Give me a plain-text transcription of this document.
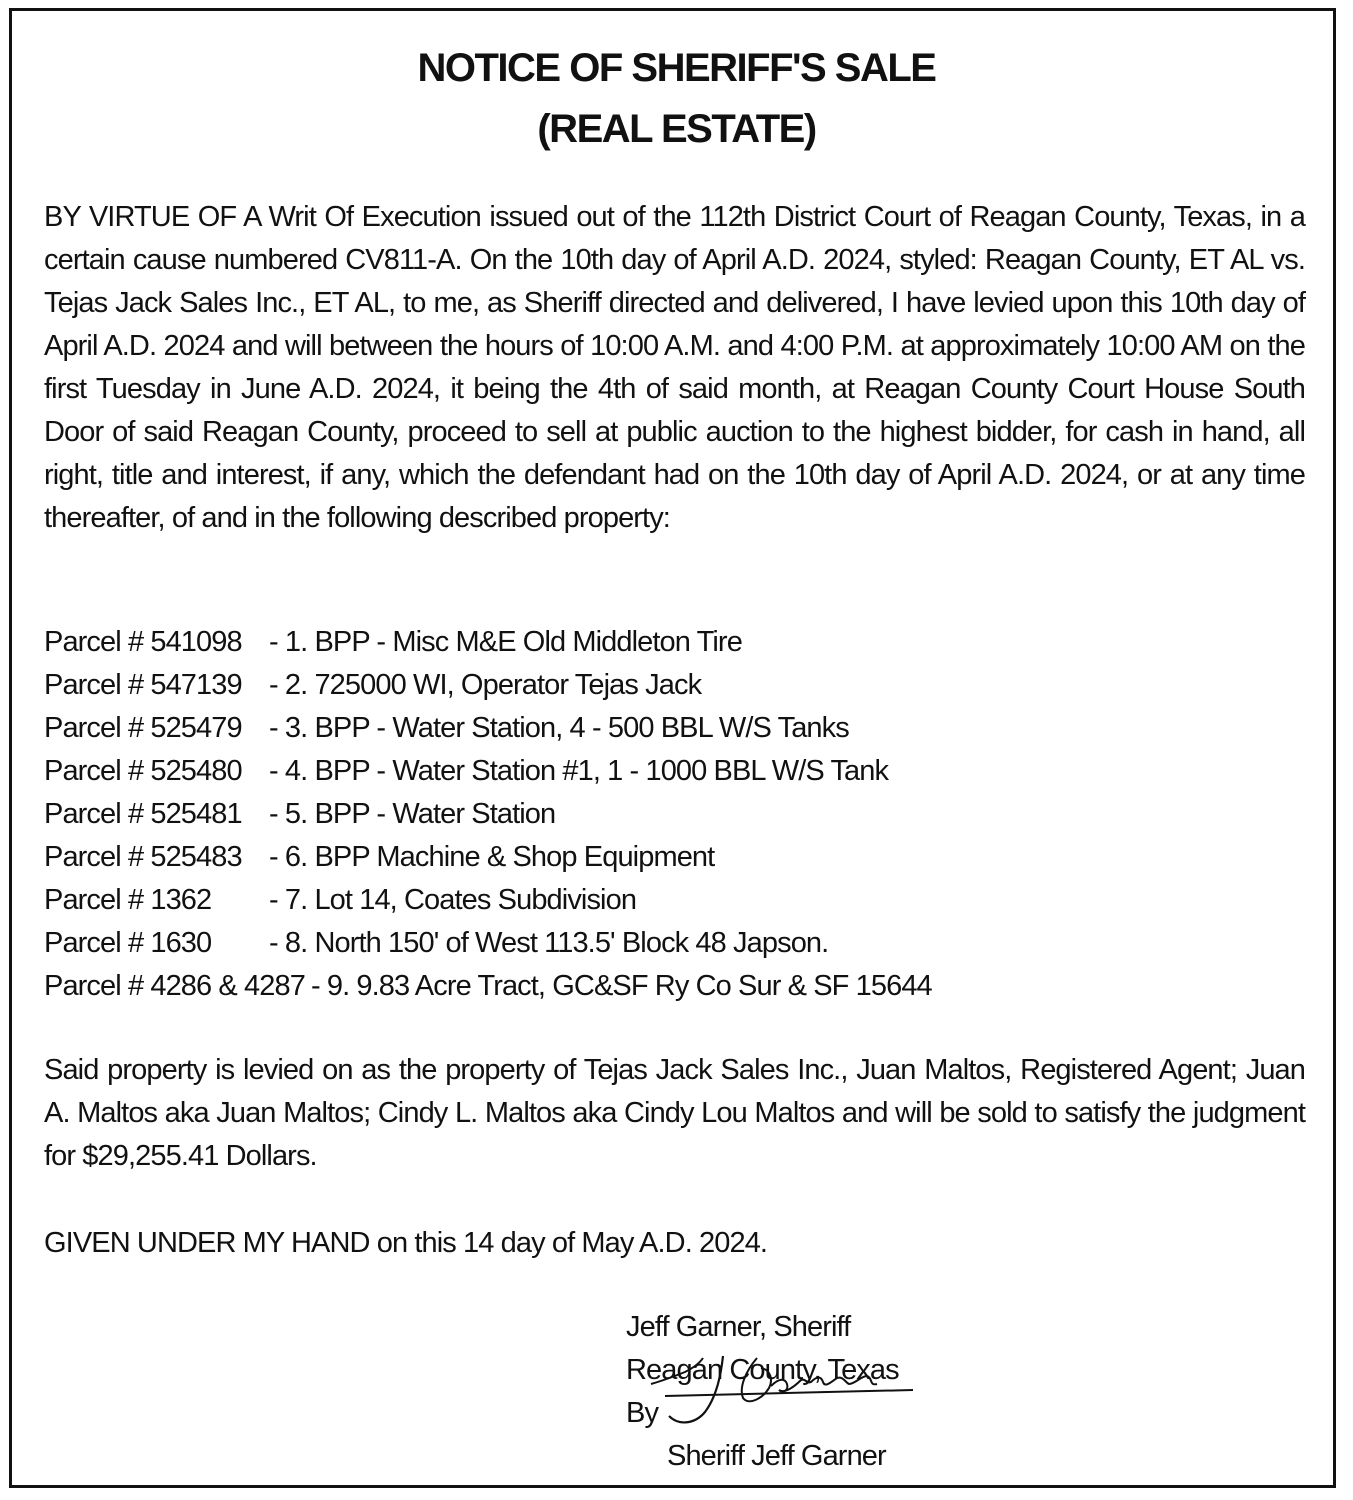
NOTICE OF SHERIFF'S SALE
(REAL ESTATE)

BY VIRTUE OF A Writ Of Execution issued out of the 112th District Court of Reagan County, Texas, in a certain cause numbered CV811-A. On the 10th day of April A.D. 2024, styled: Reagan County, ET AL vs. Tejas Jack Sales Inc., ET AL, to me, as Sheriff directed and delivered, I have levied upon this 10th day of April A.D. 2024 and will between the hours of 10:00 A.M. and 4:00 P.M. at approximately 10:00 AM on the first Tuesday in June A.D. 2024, it being the 4th of said month, at Reagan County Court House South Door of said Reagan County, proceed to sell at public auction to the highest bidder, for cash in hand, all right, title and interest, if any, which the defendant had on the 10th day of April A.D. 2024, or at any time thereafter, of and in the following described property:

Parcel # 541098 - 1. BPP - Misc M&E Old Middleton Tire
Parcel # 547139 - 2. 725000 WI, Operator Tejas Jack
Parcel # 525479 - 3. BPP - Water Station, 4 - 500 BBL W/S Tanks
Parcel # 525480 - 4. BPP - Water Station #1, 1 - 1000 BBL W/S Tank
Parcel # 525481 - 5. BPP - Water Station
Parcel # 525483 - 6. BPP Machine & Shop Equipment
Parcel # 1362	- 7. Lot 14, Coates Subdivision
Parcel # 1630	- 8. North 150' of West 113.5' Block 48 Japson.
Parcel # 4286 & 4287 - 9. 9.83 Acre Tract, GC&SF Ry Co Sur & SF 15644

Said property is levied on as the property of Tejas Jack Sales Inc., Juan Maltos, Registered Agent; Juan A. Maltos aka Juan Maltos; Cindy L. Maltos aka Cindy Lou Maltos and will be sold to satisfy the judgment for $29,255.41 Dollars.

GIVEN UNDER MY HAND on this 14 day of May A.D. 2024.

Jeff Garner, Sheriff
Reagan County, Texas
By
Sheriff Jeff Garner
